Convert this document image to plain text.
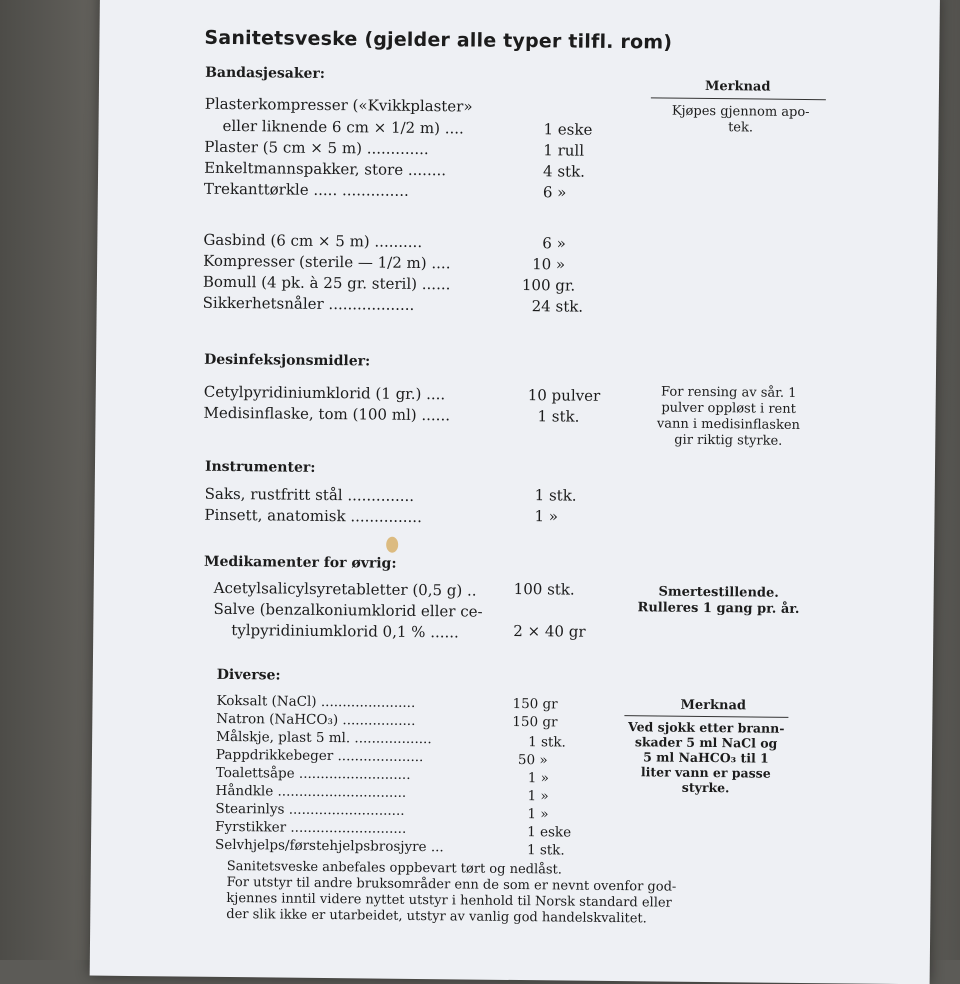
Sanitetsveske (gjelder alle typer tilfl. rom)
Bandasjesaker:
Merknad
Kjøpes gjennom apo-
tek.
Plasterkompresser («Kvikkplaster»
eller liknende 6 cm × 1/2 m) ....	1 eske
Plaster (5 cm × 5 m) .............	1 rull
Enkeltmannspakker, store ........	4 stk.
Trekanttørkle ..... ..............	6 »
Gasbind (6 cm × 5 m) ..........	6 »
Kompresser (sterile — 1/2 m) ....	10 »
Bomull (4 pk. à 25 gr. steril) ......	100 gr.
Sikkerhetsnåler ..................	24 stk.
Desinfeksjonsmidler:
Cetylpyridiniumklorid (1 gr.) ....	10 pulver
Medisinflaske, tom (100 ml) ......	1 stk.
For rensing av sår. 1
pulver oppløst i rent
vann i medisinflasken
gir riktig styrke.
Instrumenter:
Saks, rustfritt stål ..............	1 stk.
Pinsett, anatomisk ...............	1 »
Medikamenter for øvrig:
Acetylsalicylsyretabletter (0,5 g) .. 100 stk.
Salve (benzalkoniumklorid eller ce-
tylpyridiniumklorid 0,1 % ......	2 × 40 gr
Smertestillende.
Rulleres 1 gang pr. år.
Diverse:
Koksalt (NaCl) ......................	150 gr
Natron (NaHCO₃) .................	150 gr
Målskje, plast 5 ml. ..................	1 stk.
Pappdrikkebeger ....................	50 »
Toalettsåpe ..........................	1 »
Håndkle ..............................	1 »
Stearinlys ...........................	1 »
Fyrstikker ...........................	1 eske
Selvhjelps/førstehjelpsbrosjyre ...	1 stk.
Merknad
Ved sjokk etter brann-
skader 5 ml NaCl og
5 ml NaHCO₃ til 1
liter vann er passe
styrke.
Sanitetsveske anbefales oppbevart tørt og nedlåst.
For utstyr til andre bruksområder enn de som er nevnt ovenfor god-
kjennes inntil videre nyttet utstyr i henhold til Norsk standard eller
der slik ikke er utarbeidet, utstyr av vanlig god handelskvalitet.
